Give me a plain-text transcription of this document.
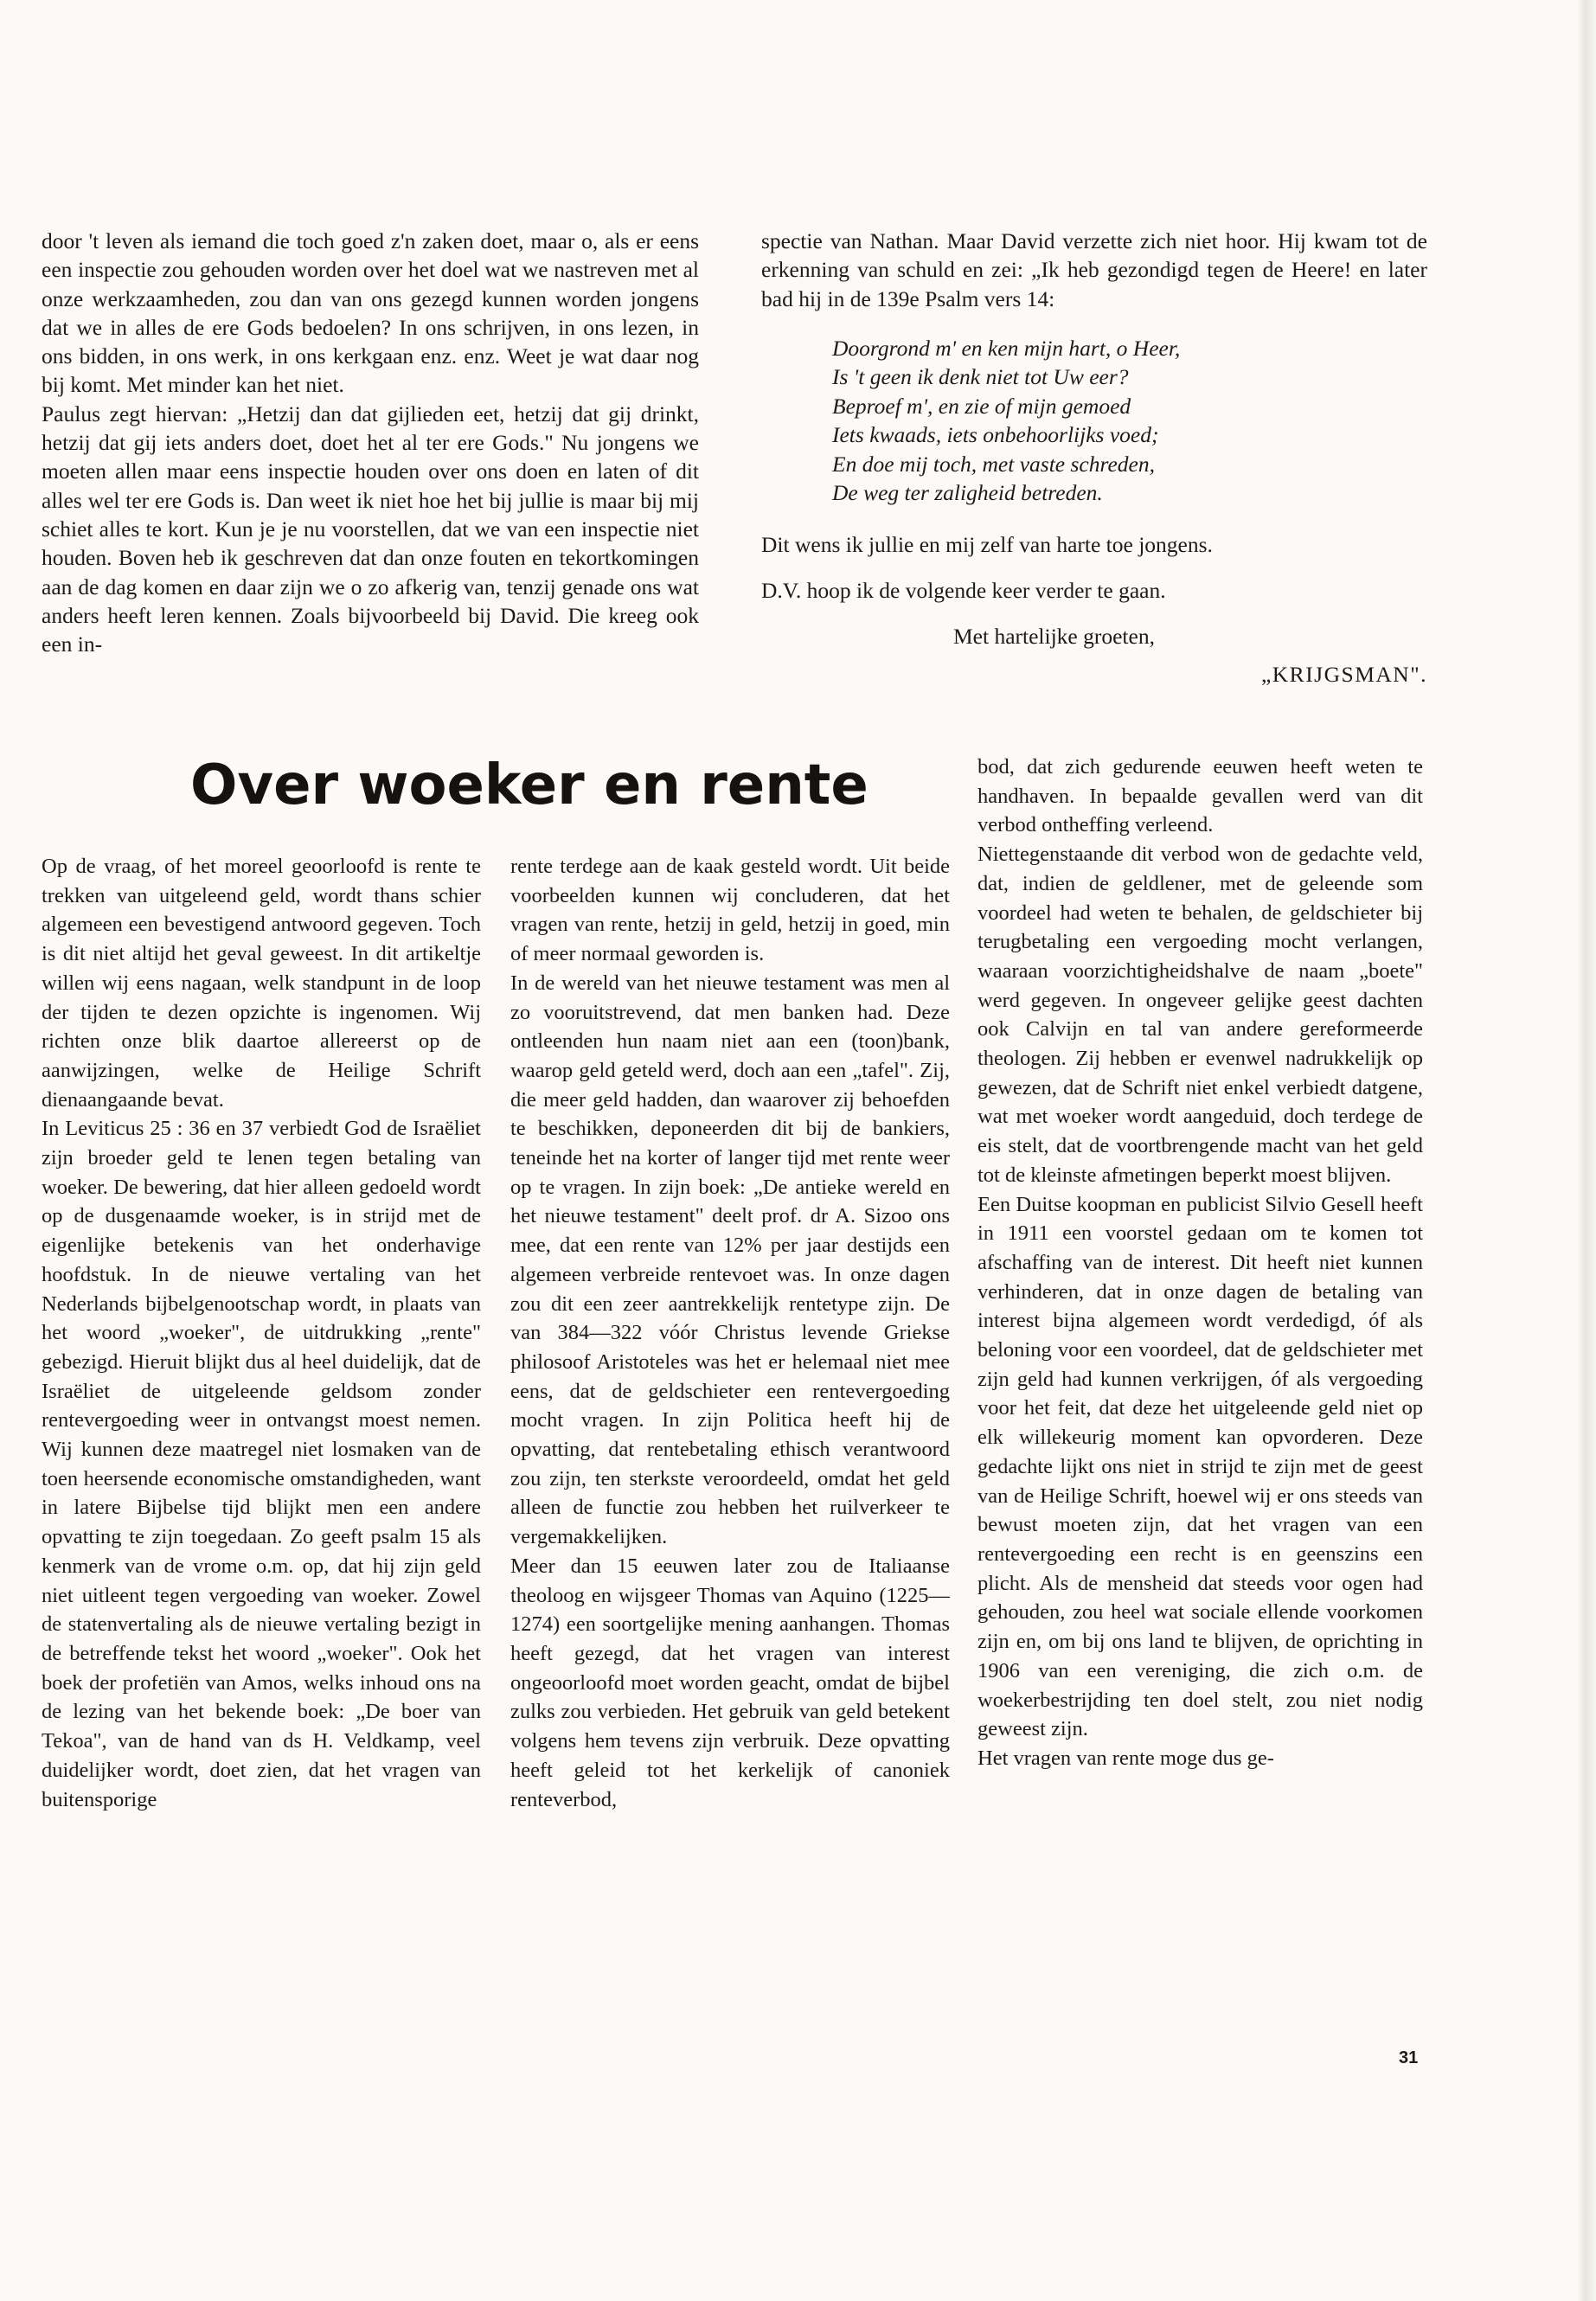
door 't leven als iemand die toch goed z'n zaken doet, maar o, als er eens een inspectie zou gehouden worden over het doel wat we nastreven met al onze werkzaamheden, zou dan van ons gezegd kunnen worden jongens dat we in alles de ere Gods bedoelen? In ons schrijven, in ons lezen, in ons bidden, in ons werk, in ons kerkgaan enz. enz. Weet je wat daar nog bij komt. Met minder kan het niet.

Paulus zegt hiervan: „Hetzij dan dat gijlieden eet, hetzij dat gij drinkt, hetzij dat gij iets anders doet, doet het al ter ere Gods." Nu jongens we moeten allen maar eens inspectie houden over ons doen en laten of dit alles wel ter ere Gods is. Dan weet ik niet hoe het bij jullie is maar bij mij schiet alles te kort. Kun je je nu voorstellen, dat we van een inspectie niet houden. Boven heb ik geschreven dat dan onze fouten en tekortkomingen aan de dag komen en daar zijn we o zo afkerig van, tenzij genade ons wat anders heeft leren kennen. Zoals bijvoorbeeld bij David. Die kreeg ook een in-

spectie van Nathan. Maar David verzette zich niet hoor. Hij kwam tot de erkenning van schuld en zei: „Ik heb gezondigd tegen de Heere! en later bad hij in de 139e Psalm vers 14:

Doorgrond m' en ken mijn hart, o Heer,
Is 't geen ik denk niet tot Uw eer?
Beproef m', en zie of mijn gemoed
Iets kwaads, iets onbehoorlijks voed;
En doe mij toch, met vaste schreden,
De weg ter zaligheid betreden.

Dit wens ik jullie en mij zelf van harte toe jongens.

D.V. hoop ik de volgende keer verder te gaan.

Met hartelijke groeten,
„KRIJGSMAN".
Over woeker en rente

Op de vraag, of het moreel geoorloofd is rente te trekken van uitgeleend geld, wordt thans schier algemeen een bevestigend antwoord gegeven. Toch is dit niet altijd het geval geweest. In dit artikeltje willen wij eens nagaan, welk standpunt in de loop der tijden te dezen opzichte is ingenomen. Wij richten onze blik daartoe allereerst op de aanwijzingen, welke de Heilige Schrift dienaangaande bevat.

In Leviticus 25 : 36 en 37 verbiedt God de Israëliet zijn broeder geld te lenen tegen betaling van woeker. De bewering, dat hier alleen gedoeld wordt op de dusgenaamde woeker, is in strijd met de eigenlijke betekenis van het onderhavige hoofdstuk. In de nieuwe vertaling van het Nederlands bijbelgenootschap wordt, in plaats van het woord „woeker", de uitdrukking „rente" gebezigd. Hieruit blijkt dus al heel duidelijk, dat de Israëliet de uitgeleende geldsom zonder rentevergoeding weer in ontvangst moest nemen. Wij kunnen deze maatregel niet losmaken van de toen heersende economische omstandigheden, want in latere Bijbelse tijd blijkt men een andere opvatting te zijn toegedaan. Zo geeft psalm 15 als kenmerk van de vrome o.m. op, dat hij zijn geld niet uitleent tegen vergoeding van woeker. Zowel de statenvertaling als de nieuwe vertaling bezigt in de betreffende tekst het woord „woeker". Ook het boek der profetiën van Amos, welks inhoud ons na de lezing van het bekende boek: „De boer van Tekoa", van de hand van ds H. Veldkamp, veel duidelijker wordt, doet zien, dat het vragen van buitensporige

rente terdege aan de kaak gesteld wordt. Uit beide voorbeelden kunnen wij concluderen, dat het vragen van rente, hetzij in geld, hetzij in goed, min of meer normaal geworden is.

In de wereld van het nieuwe testament was men al zo vooruitstrevend, dat men banken had. Deze ontleenden hun naam niet aan een (toon)bank, waarop geld geteld werd, doch aan een „tafel". Zij, die meer geld hadden, dan waarover zij behoefden te beschikken, deponeerden dit bij de bankiers, teneinde het na korter of langer tijd met rente weer op te vragen. In zijn boek: „De antieke wereld en het nieuwe testament" deelt prof. dr A. Sizoo ons mee, dat een rente van 12% per jaar destijds een algemeen verbreide rentevoet was. In onze dagen zou dit een zeer aantrekkelijk rentetype zijn. De van 384—322 vóór Christus levende Griekse philosoof Aristoteles was het er helemaal niet mee eens, dat de geldschieter een rentevergoeding mocht vragen. In zijn Politica heeft hij de opvatting, dat rentebetaling ethisch verantwoord zou zijn, ten sterkste veroordeeld, omdat het geld alleen de functie zou hebben het ruilverkeer te vergemakkelijken.

Meer dan 15 eeuwen later zou de Italiaanse theoloog en wijsgeer Thomas van Aquino (1225—1274) een soortgelijke mening aanhangen. Thomas heeft gezegd, dat het vragen van interest ongeoorloofd moet worden geacht, omdat de bijbel zulks zou verbieden. Het gebruik van geld betekent volgens hem tevens zijn verbruik. Deze opvatting heeft geleid tot het kerkelijk of canoniek renteverbod,

bod, dat zich gedurende eeuwen heeft weten te handhaven. In bepaalde gevallen werd van dit verbod ontheffing verleend.

Niettegenstaande dit verbod won de gedachte veld, dat, indien de geldlener, met de geleende som voordeel had weten te behalen, de geldschieter bij terugbetaling een vergoeding mocht verlangen, waaraan voorzichtigheidshalve de naam „boete" werd gegeven. In ongeveer gelijke geest dachten ook Calvijn en tal van andere gereformeerde theologen. Zij hebben er evenwel nadrukkelijk op gewezen, dat de Schrift niet enkel verbiedt datgene, wat met woeker wordt aangeduid, doch terdege de eis stelt, dat de voortbrengende macht van het geld tot de kleinste afmetingen beperkt moest blijven.

Een Duitse koopman en publicist Silvio Gesell heeft in 1911 een voorstel gedaan om te komen tot afschaffing van de interest. Dit heeft niet kunnen verhinderen, dat in onze dagen de betaling van interest bijna algemeen wordt verdedigd, óf als beloning voor een voordeel, dat de geldschieter met zijn geld had kunnen verkrijgen, óf als vergoeding voor het feit, dat deze het uitgeleende geld niet op elk willekeurig moment kan opvorderen. Deze gedachte lijkt ons niet in strijd te zijn met de geest van de Heilige Schrift, hoewel wij er ons steeds van bewust moeten zijn, dat het vragen van een rentevergoeding een recht is en geenszins een plicht. Als de mensheid dat steeds voor ogen had gehouden, zou heel wat sociale ellende voorkomen zijn en, om bij ons land te blijven, de oprichting in 1906 van een vereniging, die zich o.m. de woekerbestrijding ten doel stelt, zou niet nodig geweest zijn.

Het vragen van rente moge dus ge-

31
